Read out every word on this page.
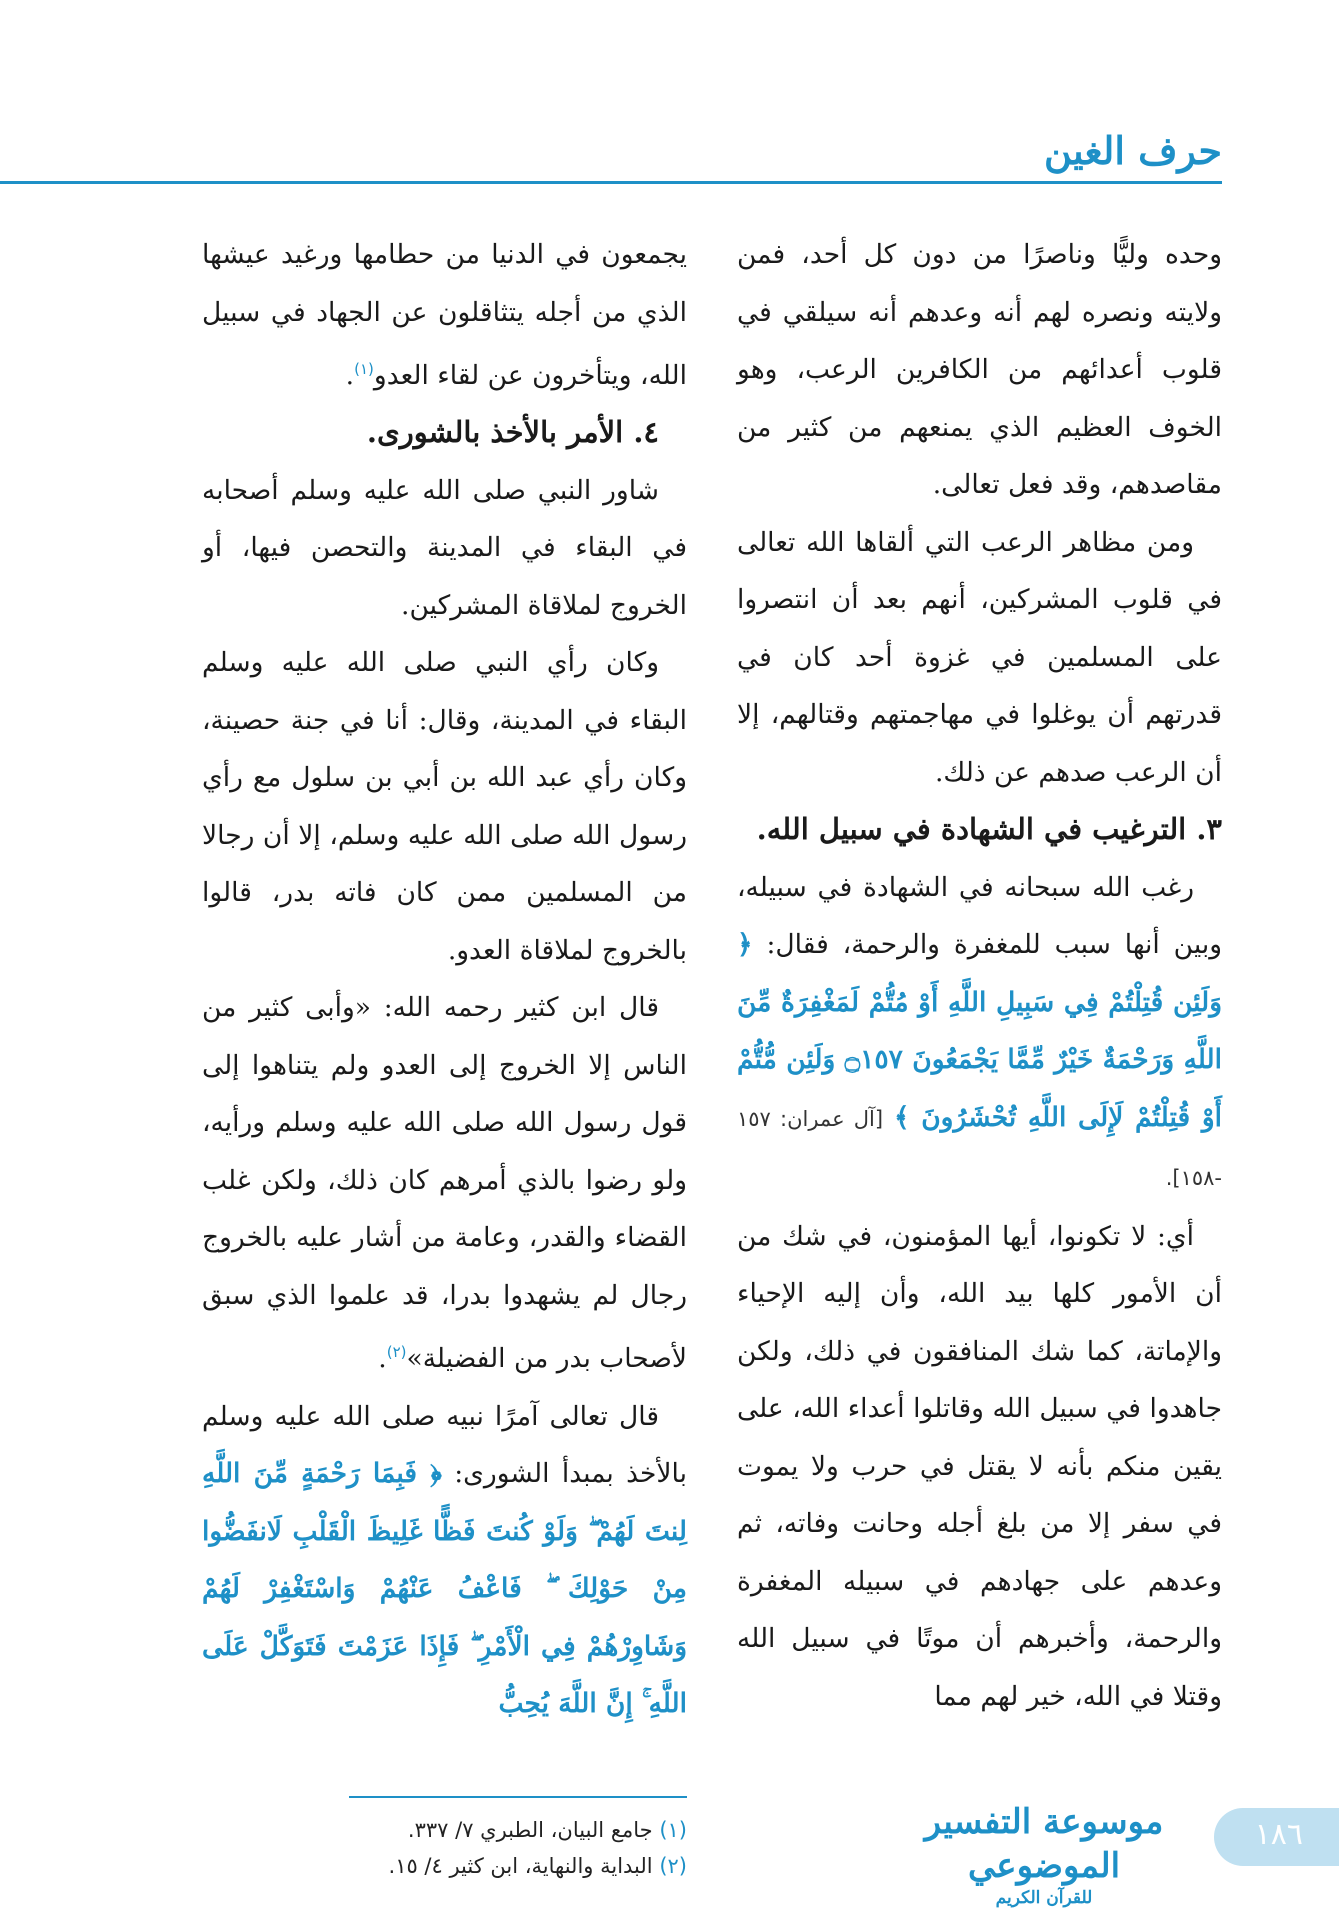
حرف الغين

وحده وليًّا وناصرًا من دون كل أحد، فمن ولايته ونصره لهم أنه وعدهم أنه سيلقي في قلوب أعدائهم من الكافرين الرعب، وهو الخوف العظيم الذي يمنعهم من كثير من مقاصدهم، وقد فعل تعالى.

ومن مظاهر الرعب التي ألقاها الله تعالى في قلوب المشركين، أنهم بعد أن انتصروا على المسلمين في غزوة أحد كان في قدرتهم أن يوغلوا في مهاجمتهم وقتالهم، إلا أن الرعب صدهم عن ذلك.

٣. الترغيب في الشهادة في سبيل الله.

رغب الله سبحانه في الشهادة في سبيله، وبين أنها سبب للمغفرة والرحمة، فقال: ﴿ وَلَئِن قُتِلْتُمْ فِي سَبِيلِ اللَّهِ أَوْ مُتُّمْ لَمَغْفِرَةٌ مِّنَ اللَّهِ وَرَحْمَةٌ خَيْرٌ مِّمَّا يَجْمَعُونَ ۝١٥٧ وَلَئِن مُّتُّمْ أَوْ قُتِلْتُمْ لَإِلَى اللَّهِ تُحْشَرُونَ ﴾ [آل عمران: ١٥٧ -١٥٨].

أي: لا تكونوا، أيها المؤمنون، في شك من أن الأمور كلها بيد الله، وأن إليه الإحياء والإماتة، كما شك المنافقون في ذلك، ولكن جاهدوا في سبيل الله وقاتلوا أعداء الله، على يقين منكم بأنه لا يقتل في حرب ولا يموت في سفر إلا من بلغ أجله وحانت وفاته، ثم وعدهم على جهادهم في سبيله المغفرة والرحمة، وأخبرهم أن موتًا في سبيل الله وقتلا في الله، خير لهم مما

يجمعون في الدنيا من حطامها ورغيد عيشها الذي من أجله يتثاقلون عن الجهاد في سبيل الله، ويتأخرون عن لقاء العدو$^{(١)}$.

٤. الأمر بالأخذ بالشورى.

شاور النبي صلى الله عليه وسلم أصحابه في البقاء في المدينة والتحصن فيها، أو الخروج لملاقاة المشركين.

وكان رأي النبي صلى الله عليه وسلم البقاء في المدينة، وقال: أنا في جنة حصينة، وكان رأي عبد الله بن أبي بن سلول مع رأي رسول الله صلى الله عليه وسلم، إلا أن رجالا من المسلمين ممن كان فاته بدر، قالوا بالخروج لملاقاة العدو.

قال ابن كثير رحمه الله: «وأبى كثير من الناس إلا الخروج إلى العدو ولم يتناهوا إلى قول رسول الله صلى الله عليه وسلم ورأيه، ولو رضوا بالذي أمرهم كان ذلك، ولكن غلب القضاء والقدر، وعامة من أشار عليه بالخروج رجال لم يشهدوا بدرا، قد علموا الذي سبق لأصحاب بدر من الفضيلة»$^{(٢)}$.

قال تعالى آمرًا نبيه صلى الله عليه وسلم بالأخذ بمبدأ الشورى: ﴿ فَبِمَا رَحْمَةٍ مِّنَ اللَّهِ لِنتَ لَهُمْ ۖ وَلَوْ كُنتَ فَظًّا غَلِيظَ الْقَلْبِ لَانفَضُّوا مِنْ حَوْلِكَ ۖ فَاعْفُ عَنْهُمْ وَاسْتَغْفِرْ لَهُمْ وَشَاوِرْهُمْ فِي الْأَمْرِ ۖ فَإِذَا عَزَمْتَ فَتَوَكَّلْ عَلَى اللَّهِ ۚ إِنَّ اللَّهَ يُحِبُّ

(١) جامع البيان، الطبري ٧/ ٣٣٧.
(٢) البداية والنهاية، ابن كثير ٤/ ١٥.
موسوعة التفسير الموضوعي
للقرآن الكريم
١٨٦
